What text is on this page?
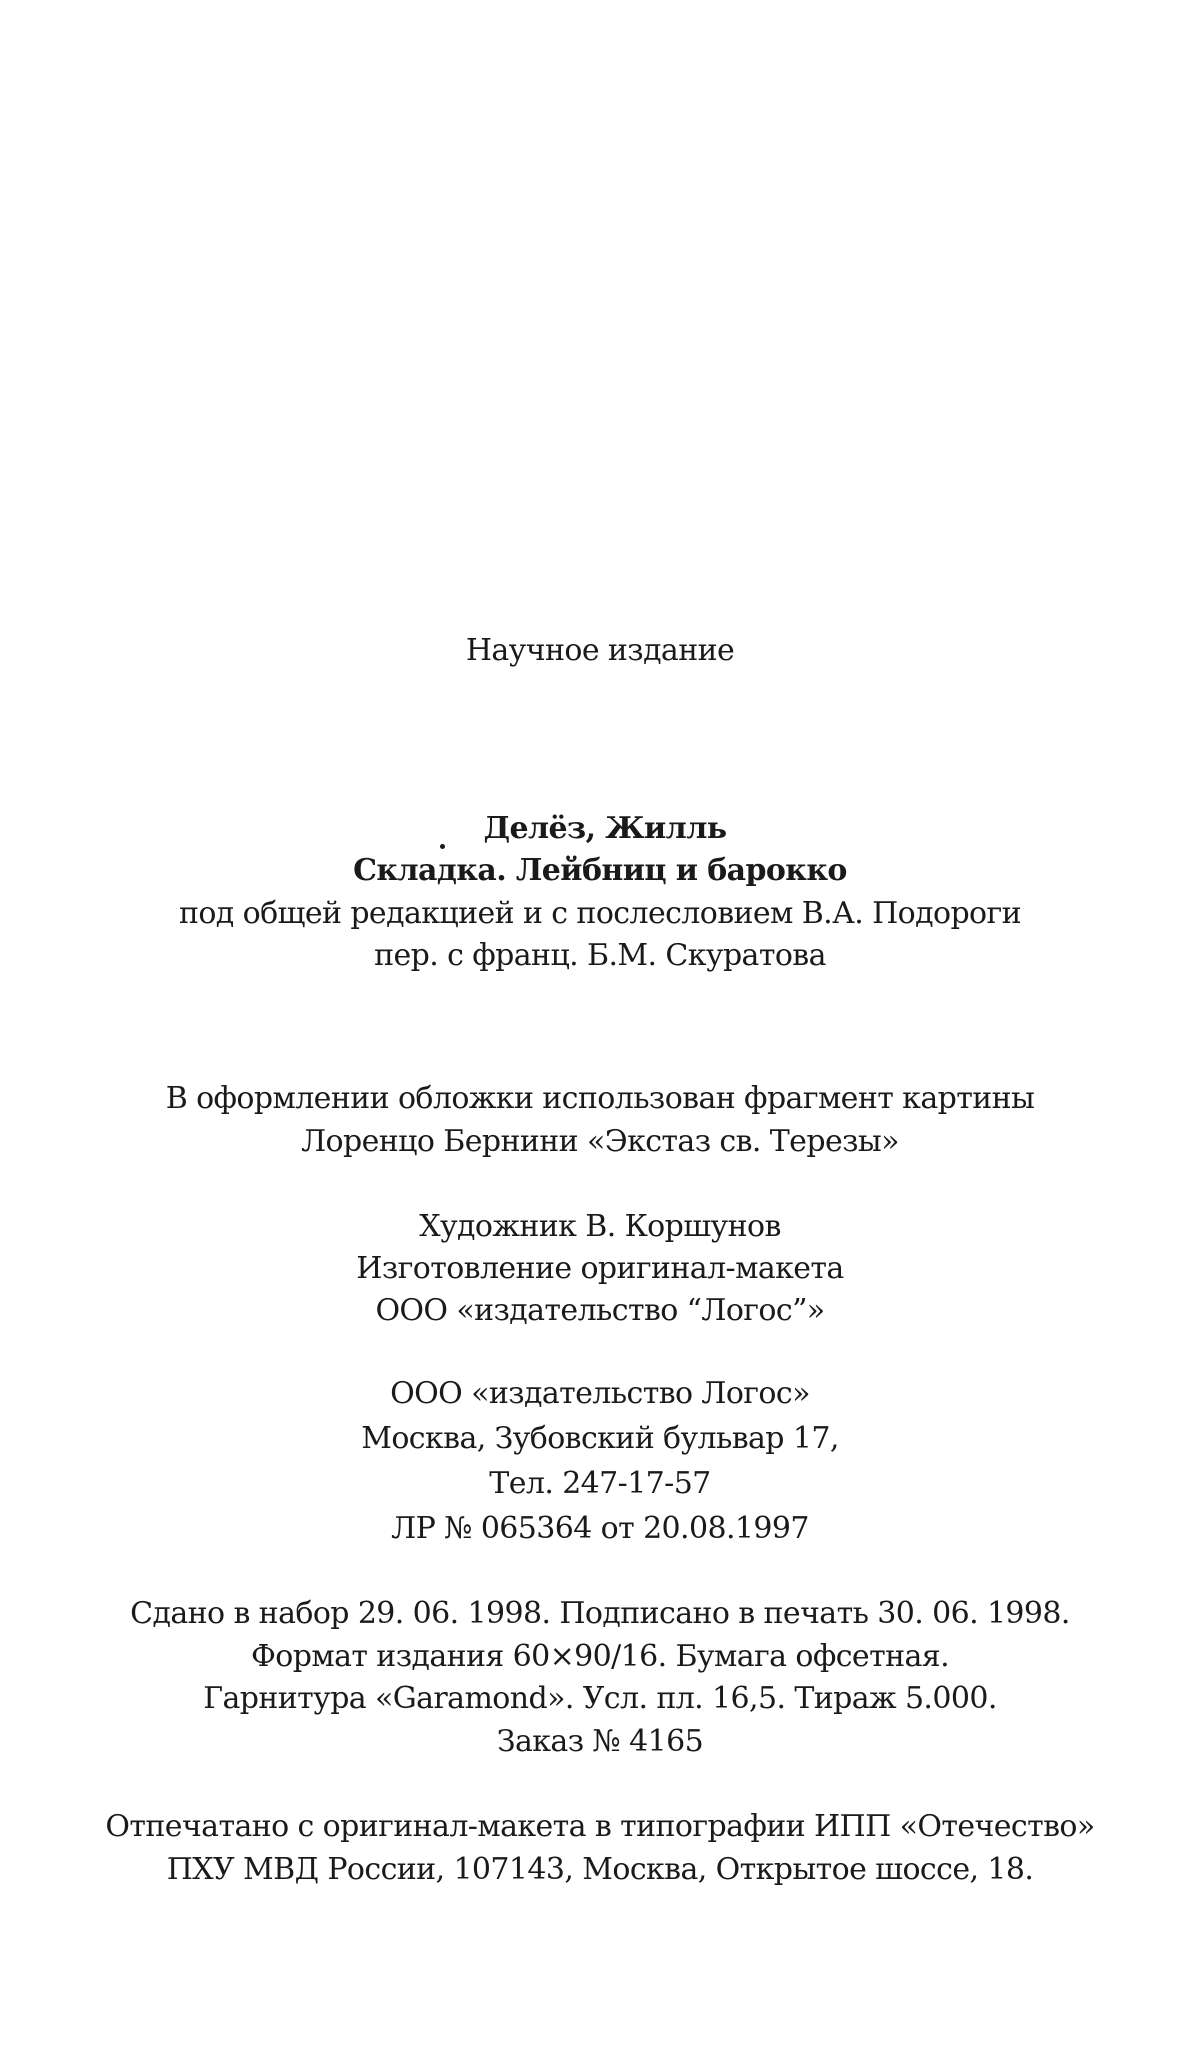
Научное издание
Делёз, Жилль
Складка. Лейбниц и барокко
под общей редакцией и с послесловием В.А. Подороги
пер. с франц. Б.М. Скуратова
В оформлении обложки использован фрагмент картины
Лоренцо Бернини «Экстаз св. Терезы»
Художник В. Коршунов
Изготовление оригинал-макета
ООО «издательство “Логос”»
ООО «издательство Логос»
Москва, Зубовский бульвар 17,
Тел. 247-17-57
ЛР № 065364 от 20.08.1997
Сдано в набор 29. 06. 1998. Подписано в печать 30. 06. 1998.
Формат издания 60×90/16. Бумага офсетная.
Гарнитура «Garamond». Усл. пл. 16,5. Тираж 5.000.
Заказ № 4165
Отпечатано с оригинал-макета в типографии ИПП «Отечество»
ПХУ МВД России, 107143, Москва, Открытое шоссе, 18.
